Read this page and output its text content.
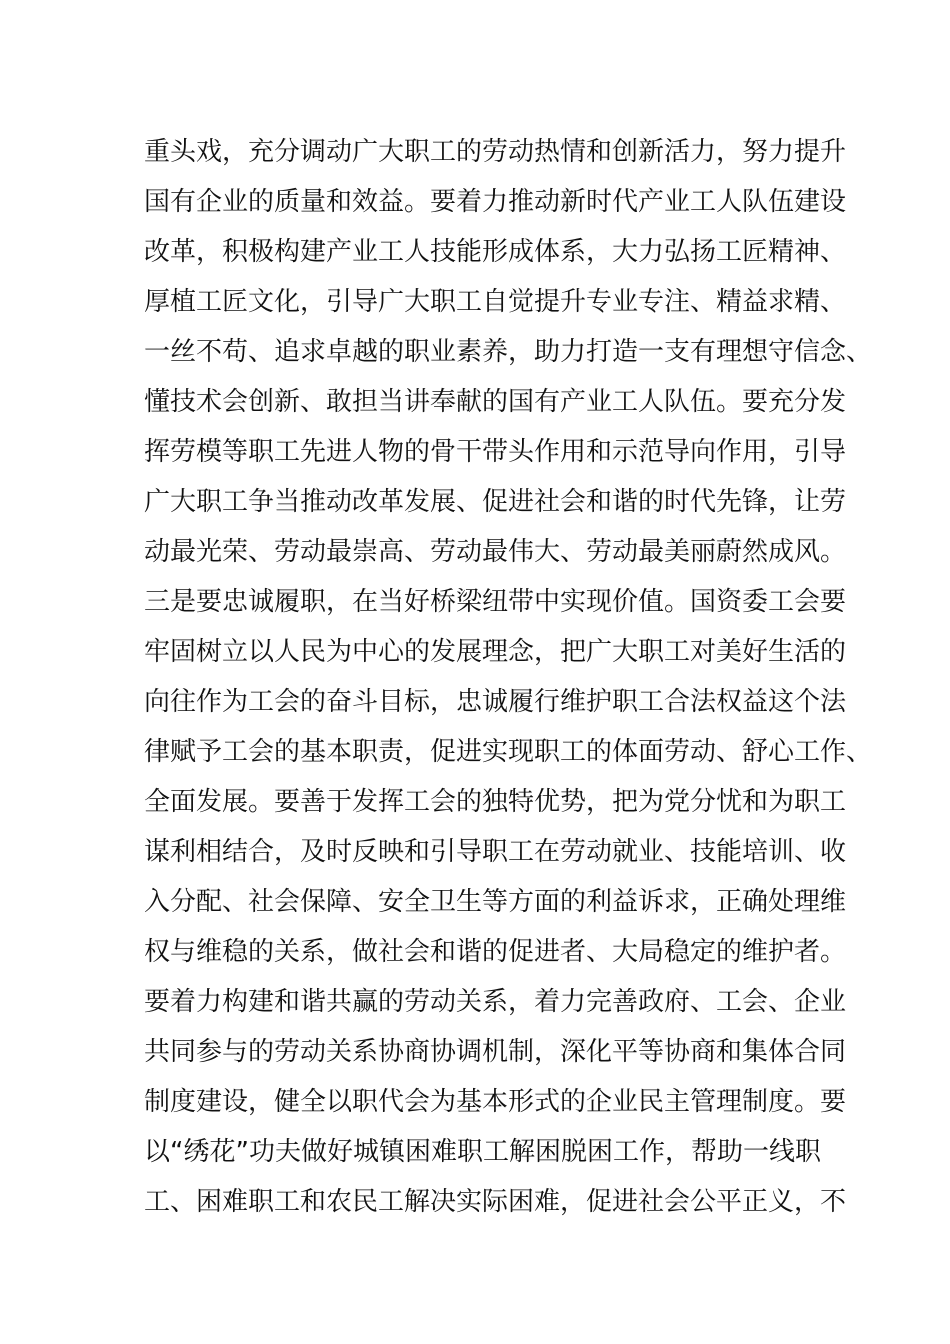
重头戏，充分调动广大职工的劳动热情和创新活力，努力提升
国有企业的质量和效益。要着力推动新时代产业工人队伍建设
改革，积极构建产业工人技能形成体系，大力弘扬工匠精神、
厚植工匠文化，引导广大职工自觉提升专业专注、精益求精、
一丝不苟、追求卓越的职业素养，助力打造一支有理想守信念、
懂技术会创新、敢担当讲奉献的国有产业工人队伍。要充分发
挥劳模等职工先进人物的骨干带头作用和示范导向作用，引导
广大职工争当推动改革发展、促进社会和谐的时代先锋，让劳
动最光荣、劳动最崇高、劳动最伟大、劳动最美丽蔚然成风。
三是要忠诚履职，在当好桥梁纽带中实现价值。国资委工会要
牢固树立以人民为中心的发展理念，把广大职工对美好生活的
向往作为工会的奋斗目标，忠诚履行维护职工合法权益这个法
律赋予工会的基本职责，促进实现职工的体面劳动、舒心工作、
全面发展。要善于发挥工会的独特优势，把为党分忧和为职工
谋利相结合，及时反映和引导职工在劳动就业、技能培训、收
入分配、社会保障、安全卫生等方面的利益诉求，正确处理维
权与维稳的关系，做社会和谐的促进者、大局稳定的维护者。
要着力构建和谐共赢的劳动关系，着力完善政府、工会、企业
共同参与的劳动关系协商协调机制，深化平等协商和集体合同
制度建设，健全以职代会为基本形式的企业民主管理制度。要
以“绣花”功夫做好城镇困难职工解困脱困工作，帮助一线职
工、困难职工和农民工解决实际困难，促进社会公平正义，不
